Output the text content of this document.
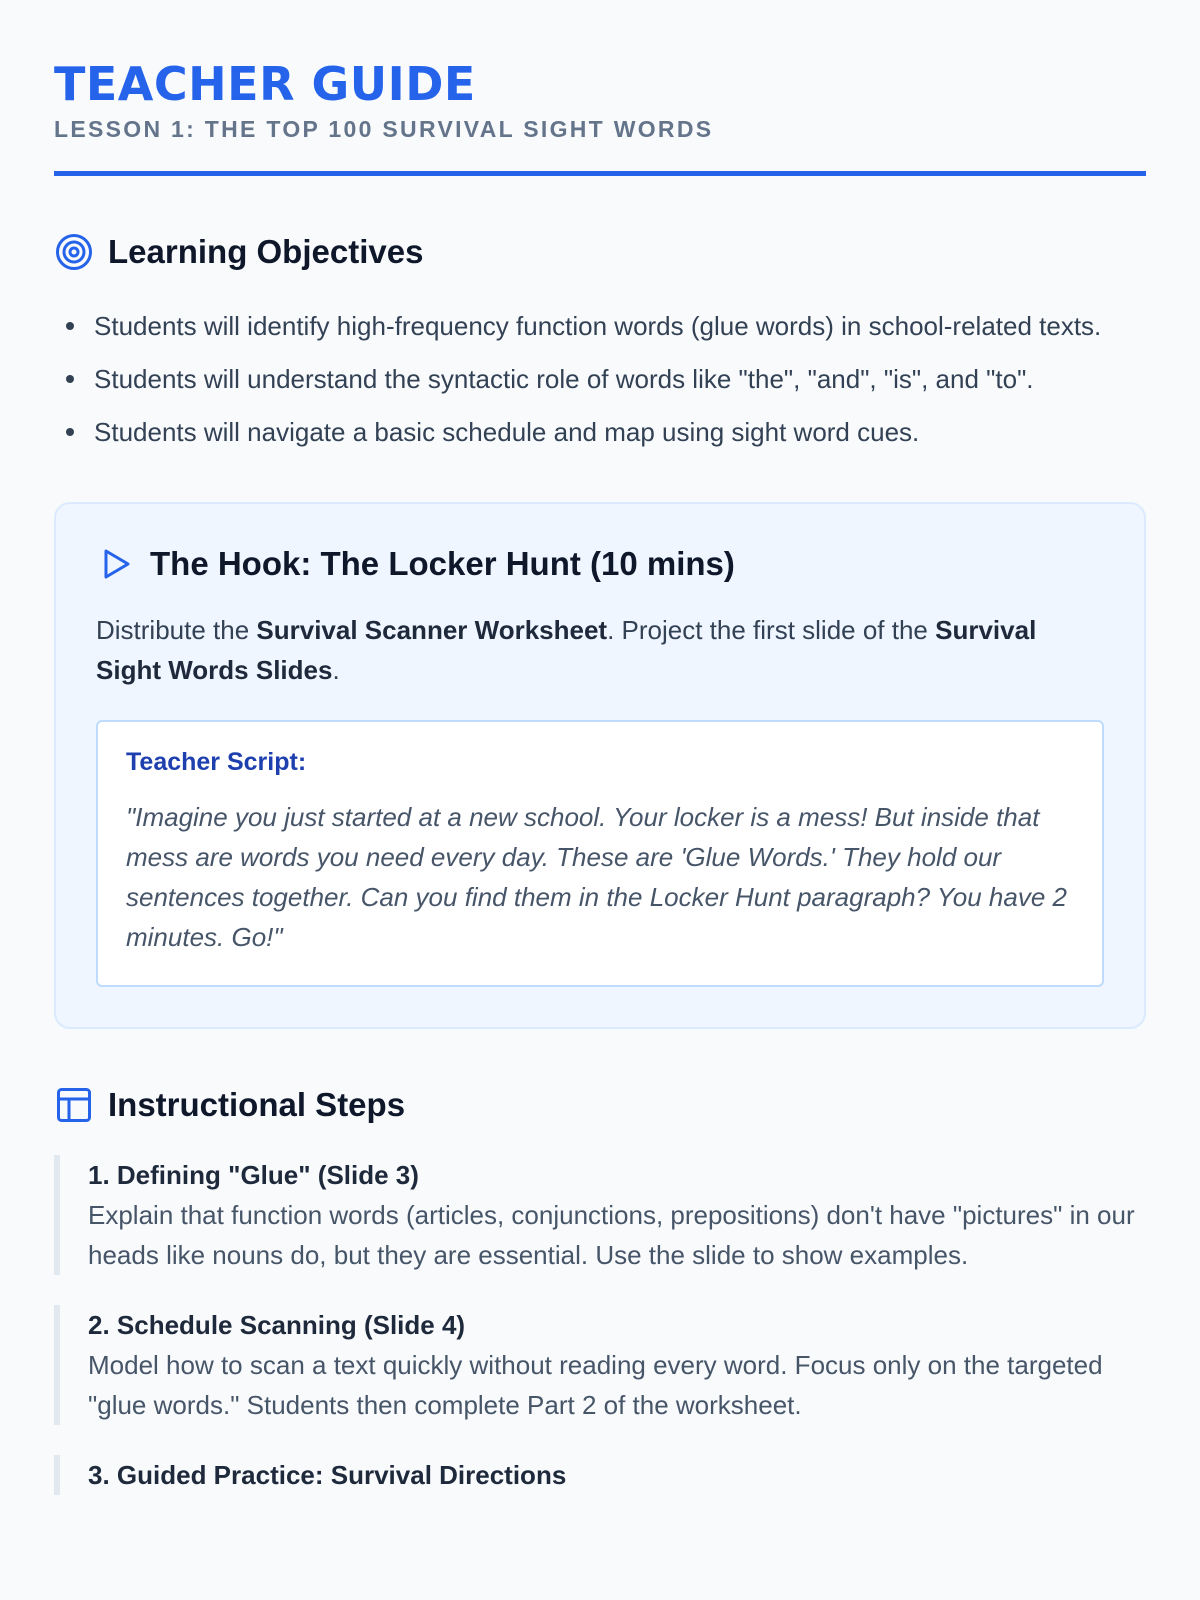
TEACHER GUIDE
LESSON 1: THE TOP 100 SURVIVAL SIGHT WORDS
Learning Objectives
Students will identify high-frequency function words (glue words) in school-related texts.
Students will understand the syntactic role of words like "the", "and", "is", and "to".
Students will navigate a basic schedule and map using sight word cues.
The Hook: The Locker Hunt (10 mins)

Distribute the Survival Scanner Worksheet. Project the first slide of the Survival Sight Words Slides.

Teacher Script:

"Imagine you just started at a new school. Your locker is a mess! But inside that mess are words you need every day. These are 'Glue Words.' They hold our sentences together. Can you find them in the Locker Hunt paragraph? You have 2 minutes. Go!"

Instructional Steps

1. Defining "Glue" (Slide 3)

Explain that function words (articles, conjunctions, prepositions) don't have "pictures" in our heads like nouns do, but they are essential. Use the slide to show examples.

2. Schedule Scanning (Slide 4)

Model how to scan a text quickly without reading every word. Focus only on the targeted "glue words." Students then complete Part 2 of the worksheet.

3. Guided Practice: Survival Directions
